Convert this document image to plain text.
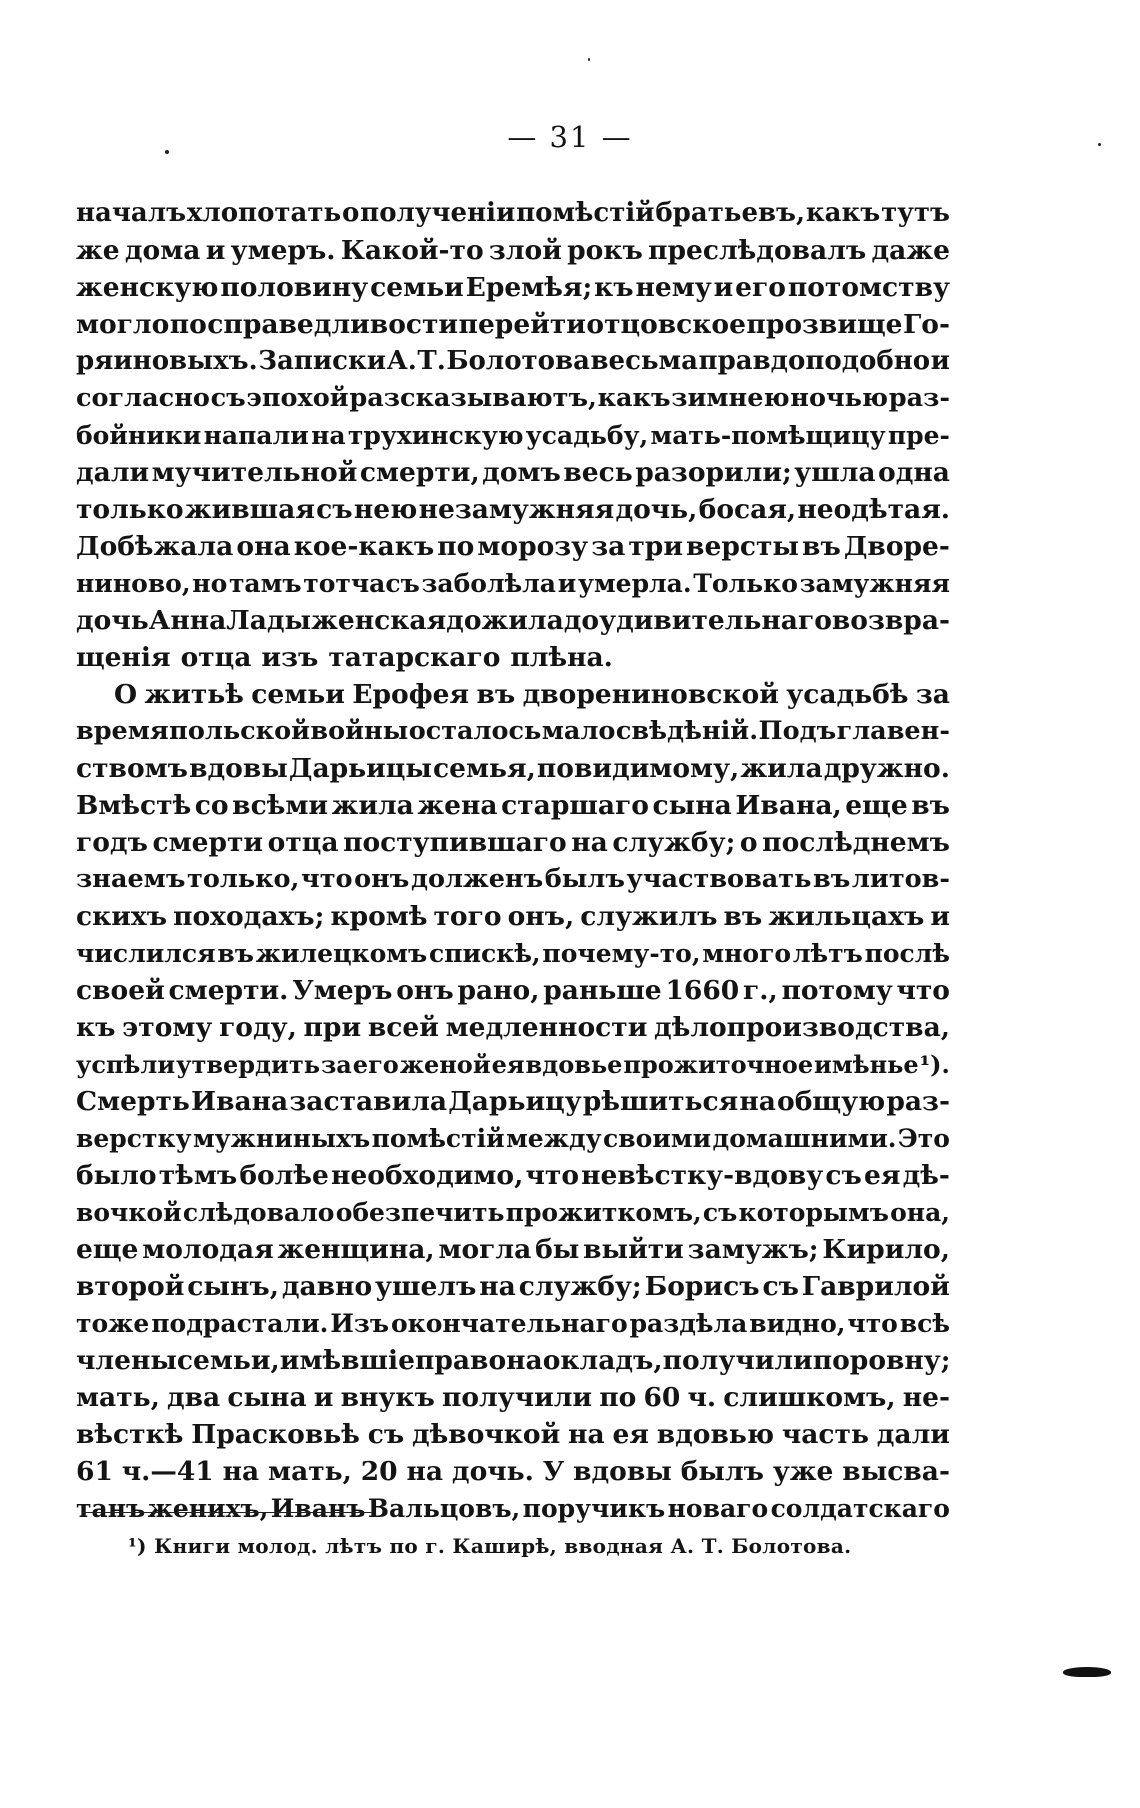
— 31 —
началъ хлопотать о полученіи помѣстій братьевъ, какъ тутъ
же дома и умеръ. Какой-то злой рокъ преслѣдовалъ даже
женскую половину семьи Еремѣя; къ нему и его потомству
могло по справедливости перейти отцовское прозвище Го-
ряиновыхъ. Записки А. Т. Болотова весьма правдоподобно и
согласно съ эпохой разсказываютъ, какъ зимнею ночью раз-
бойники напали на трухинскую усадьбу, мать-помѣщицу пре-
дали мучительной смерти, домъ весь разорили; ушла одна
только жившая съ нею незамужняя дочь, босая, неодѣтая.
Добѣжала она кое-какъ по морозу за три версты въ Дворе-
ниново, но тамъ тотчасъ заболѣла и умерла. Только замужняя
дочь Анна Ладыженская дожила до удивительнаго возвра-
щенія отца изъ татарскаго плѣна.
О житьѣ семьи Ерофея въ дворениновской усадьбѣ за
время польской войны осталось мало свѣдѣній. Подъ главен-
ствомъ вдовы Дарьицы семья, повидимому, жила дружно.
Вмѣстѣ со всѣми жила жена старшаго сына Ивана, еще въ
годъ смерти отца поступившаго на службу; о послѣднемъ
знаемъ только, что онъ долженъ былъ участвовать въ литов-
скихъ походахъ; кромѣ того онъ, служилъ въ жильцахъ и
числился въ жилецкомъ спискѣ, почему-то, много лѣтъ послѣ
своей смерти. Умеръ онъ рано, раньше 1660 г., потому что
къ этому году, при всей медленности дѣлопроизводства,
успѣли утвердить за его женой ея вдовье прожиточное имѣнье ¹).
Смерть Ивана заставила Дарьицу рѣшиться на общую раз-
верстку мужниныхъ помѣстій между своими домашними. Это
было тѣмъ болѣе необходимо, что невѣстку-вдову съ ея дѣ-
вочкой слѣдовало обезпечить прожиткомъ, съ которымъ она,
еще молодая женщина, могла бы выйти замужъ; Кирило,
второй сынъ, давно ушелъ на службу; Борисъ съ Гаврилой
тоже подрастали. Изъ окончательнаго раздѣла видно, что всѣ
члены семьи, имѣвшіе право на окладъ, получили поровну;
мать, два сына и внукъ получили по 60 ч. слишкомъ, не-
вѣсткѣ Прасковьѣ съ дѣвочкой на ея вдовью часть дали
61 ч.—41 на мать, 20 на дочь. У вдовы былъ уже высва-
танъ женихъ, Иванъ Вальцовъ, поручикъ новаго солдатскаго
¹) Книги молод. лѣтъ по г. Каширѣ, вводная А. Т. Болотова.
